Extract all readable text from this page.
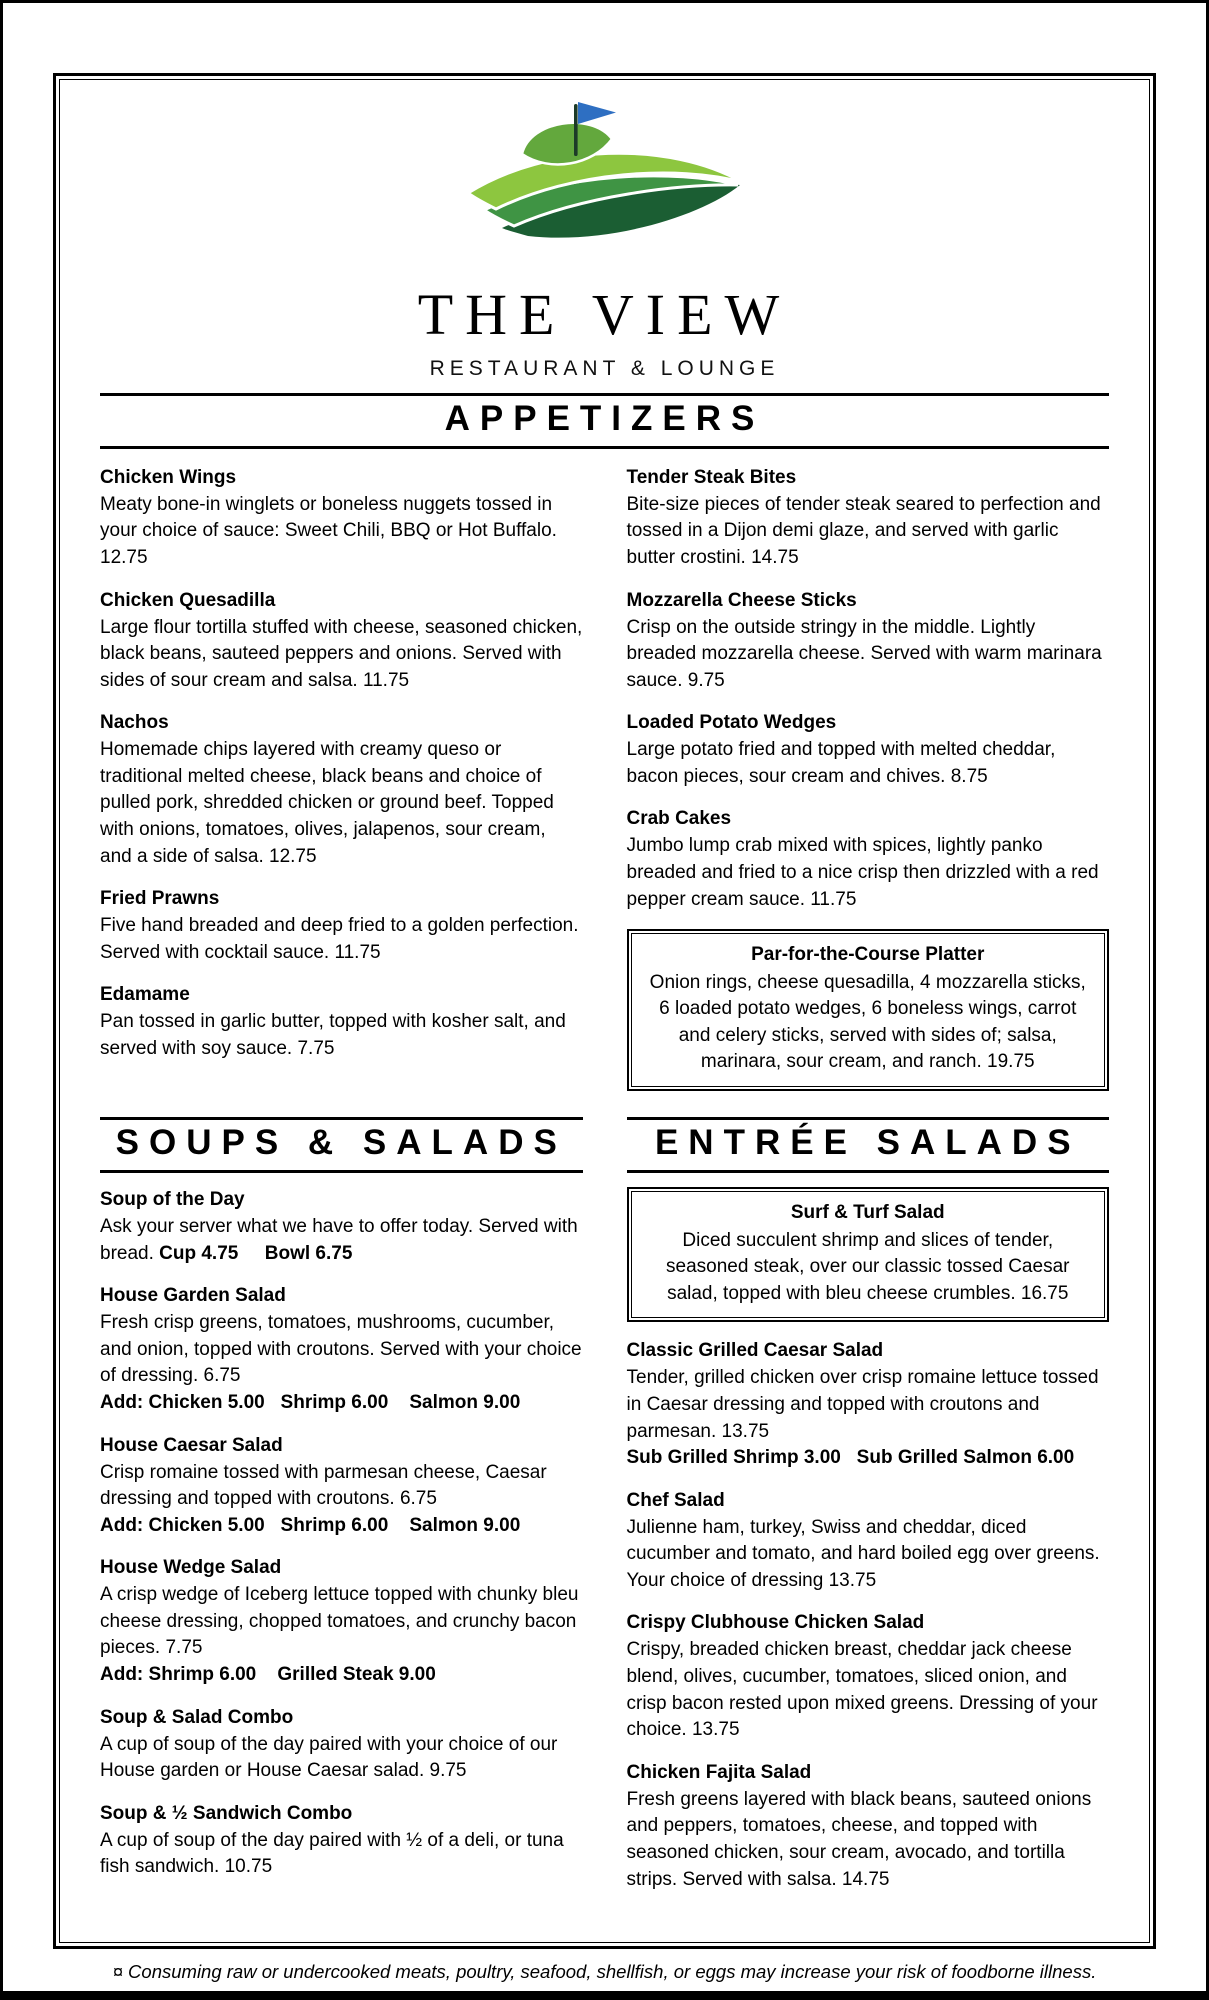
THE VIEW
RESTAURANT & LOUNGE
APPETIZERS
Chicken Wings
Meaty bone-in winglets or boneless nuggets tossed in your choice of sauce: Sweet Chili, BBQ or Hot Buffalo. 12.75
Chicken Quesadilla
Large flour tortilla stuffed with cheese, seasoned chicken, black beans, sauteed peppers and onions. Served with sides of sour cream and salsa. 11.75
Nachos
Homemade chips layered with creamy queso or traditional melted cheese, black beans and choice of pulled pork, shredded chicken or ground beef. Topped with onions, tomatoes, olives, jalapenos, sour cream, and a side of salsa. 12.75
Fried Prawns
Five hand breaded and deep fried to a golden perfection. Served with cocktail sauce. 11.75
Edamame
Pan tossed in garlic butter, topped with kosher salt, and served with soy sauce. 7.75
Tender Steak Bites
Bite-size pieces of tender steak seared to perfection and tossed in a Dijon demi glaze, and served with garlic butter crostini. 14.75
Mozzarella Cheese Sticks
Crisp on the outside stringy in the middle. Lightly breaded mozzarella cheese. Served with warm marinara sauce. 9.75
Loaded Potato Wedges
Large potato fried and topped with melted cheddar, bacon pieces, sour cream and chives. 8.75
Crab Cakes
Jumbo lump crab mixed with spices, lightly panko breaded and fried to a nice crisp then drizzled with a red pepper cream sauce. 11.75
Par-for-the-Course Platter
Onion rings, cheese quesadilla, 4 mozzarella sticks, 6 loaded potato wedges, 6 boneless wings, carrot and celery sticks, served with sides of; salsa, marinara, sour cream, and ranch. 19.75
SOUPS & SALADS
Soup of the Day
Ask your server what we have to offer today. Served with bread. Cup 4.75     Bowl 6.75
House Garden Salad
Fresh crisp greens, tomatoes, mushrooms, cucumber, and onion, topped with croutons. Served with your choice of dressing. 6.75
Add: Chicken 5.00   Shrimp 6.00    Salmon 9.00
House Caesar Salad
Crisp romaine tossed with parmesan cheese, Caesar dressing and topped with croutons. 6.75
Add: Chicken 5.00   Shrimp 6.00    Salmon 9.00
House Wedge Salad
A crisp wedge of Iceberg lettuce topped with chunky bleu cheese dressing, chopped tomatoes, and crunchy bacon pieces. 7.75
Add: Shrimp 6.00    Grilled Steak 9.00
Soup & Salad Combo
A cup of soup of the day paired with your choice of our House garden or House Caesar salad. 9.75
Soup & ½ Sandwich Combo
A cup of soup of the day paired with ½ of a deli, or tuna fish sandwich. 10.75
ENTRÉE SALADS
Surf & Turf Salad
Diced succulent shrimp and slices of tender, seasoned steak, over our classic tossed Caesar salad, topped with bleu cheese crumbles. 16.75
Classic Grilled Caesar Salad
Tender, grilled chicken over crisp romaine lettuce tossed in Caesar dressing and topped with croutons and parmesan. 13.75
Sub Grilled Shrimp 3.00   Sub Grilled Salmon 6.00
Chef Salad
Julienne ham, turkey, Swiss and cheddar, diced cucumber and tomato, and hard boiled egg over greens. Your choice of dressing 13.75
Crispy Clubhouse Chicken Salad
Crispy, breaded chicken breast, cheddar jack cheese blend, olives, cucumber, tomatoes, sliced onion, and crisp bacon rested upon mixed greens. Dressing of your choice. 13.75
Chicken Fajita Salad
Fresh greens layered with black beans, sauteed onions and peppers, tomatoes, cheese, and topped with seasoned chicken, sour cream, avocado, and tortilla strips. Served with salsa. 14.75
¤ Consuming raw or undercooked meats, poultry, seafood, shellfish, or eggs may increase your risk of foodborne illness.
